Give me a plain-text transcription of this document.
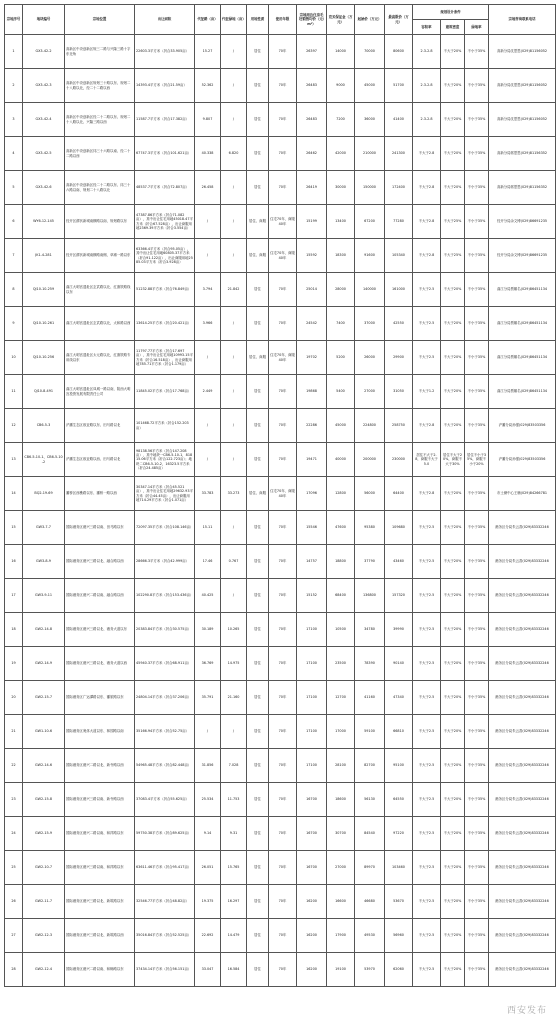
宗地序号	地块编号	宗地位置	出让面积	代征路（亩）	代征绿地（亩）	用地性质	使用年限	宗地周边住房毛坯销售均价（元/m²）	竞买保证金（万元）	起始价（万元）	最高限价（万元）	规划设计条件			宗地咨询联系电话
												容积率	建筑密度	绿地率	
1	GX3-42-2	高新区中央创新区规三二路与兴隆三路十字东北角	22603.3平方米（折合33.905亩）	15.27	/	居住	70年	26397	14000	70000	80600	2.3-2.8	不大于20%	不小于35%	高新分局沈思思(029)81156052
2	GX3-42-3	高新区中央创新区规划三十路以东、规划二十八路以北，经二十二路以西	14393.4平方米（折合21.59亩）	52.362	/	居住	70年	26483	9000	45000	51700	2.3-2.8	不大于20%	不小于35%	高新分局沈思思(029)81156052
3	GX3-42-4	高新区中央创新区经二十二路以东、规划二十八路以北、兴隆三路以西	11587.7平方米（折合17.382亩）	9.807	/	居住	70年	26483	7200	36000	41400	2.3-2.8	不大于20%	不小于35%	高新分局沈思思(029)81156052
4	GX3-42-5	高新区中央创新区纬三十六路以南、经二十二路以西	67747.3平方米（折合101.621亩）	40.338	6.820	居住	70年	26462	42000	210000	241300	不大于2.8	不大于20%	不小于35%	高新分局郭思思(029)81156352
5	GX3-42-6	高新区中央创新区经二十二路以东、纬三十六路以南、规划二十八路以北	48537.7平方米（折合72.807亩）	26.458	/	居住	70年	26419	30000	150000	172400	不大于2.8	不大于20%	不小于35%	高新分局郭思思(029)81156352
6	WY6-12-145	经开区渭状新城南横路以南、规划路以东	47387.86平方米（折合71.082亩），其中出让住宅用地45018.47平方米（折合67.528亩），出让商服用地2369.39平方米（折合3.554亩）	/	/	居住、商服	住宅70年、商服40年	15199	13400	67200	77280	不大于2.8	不大于25%	不小于35%	经开分局余文博(029)86691235
7	JK1-4-281	经开区渭状新城南横路南侧、草滩一路以东	63366.4平方米（折合95.05亩），其中出让住宅用地60805.37平方米（折合91.122亩），出让商服用地2585.03平方米（折合3.928亩）	/	/	居住、商服	住宅70年、商服40年	15592	18300	91600	105340	不大于2.8	不大于25%	不小于35%	经开分局余文博(029)86691235
8	QJ10-10-259	曲江大明宫遗址区玄武路以北、红旗铁路线以东	51232.88平方米（折合76.849亩）	3.794	21.842	居住	70年	25014	28000	140000	161000	不大于2.5	不大于20%	不小于35%	曲江分局贾娜名(029)86451134
9	QJ10-10-261	曲江大明宫遗址区玄武路以北，太和路以西	13614.25平方米（折合20.421亩）	3.966	/	居住	70年	24542	7400	37000	42550	不大于2.5	不大于20%	不小于35%	曲江分局贾娜名(029)86451134
10	QJ10-10-256	曲江大明宫遗址区太元路以北，红旗铁路专用线以东	11797.77平方米（折合17.697亩），其中出让住宅用地10993.15平方米（折合16.518亩），出让商服用地785.71平方米（折合1.179亩）	/	/	居住、商服	住宅70年、商服40年	19702	5200	26000	29900	不大于2.5	不大于20%	不小于35%	曲江分局贾娜名(029)86451134
11	QJ10-8-491	曲江大明宫遗址区凤城一路以南，陕西大明宫投资发展有限责任公司	11845.02平方米（折合17.768亩）	2.449	/	居住	70年	19868	5400	27000	31050	不大于1.2	不大于20%	不小于35%	曲江分局贾娜名(029)86451134
12	CB6-5-3	浐灞生态区欧亚路以东、田马路以北	101468.72平方米（折合152.203亩）	/	/	居住	70年	22286	45000	224800	258750	不大于2.8	不大于20%	不小于35%	浐灞分局孙强(029)83503356
13	CB6-5-10-1、CB6-5-10-2	浐灞生态区欧亚路以西、田马路以北	98138.56平方米（折合147.208亩），其中地块一CB6-5-10-1，81815.06平方米（折合122.723亩）；地块二CB6-5-10-2，16323.5平方米（折合24.485亩）	/	/	居住	70年	19471	40000	200000	230000	居住不大于2.8，商服不大于5.0	居住不大于20%，商服不大于30%	居住不小于35%，商服不小于20%	浐灞分局孙强(029)83503356
14	BQ2-19-69	灞桥区西樵路以东、灞桥一路以西	30347.14平方米（折合45.521亩），其中出让住宅用地29632.93平方米（折合44.45亩），出让商服用地714.29平方米（折合1.071亩）	33.783	33.273	居住、商服	住宅70年、商服40年	17096	12800	56000	64400	不大于2.8	不大于20%	不小于35%	市土储中心王楠(029)84266781
15	GW3-7-7	国际港务区港兴三路以南、田马路以东	72097.35平方米（折合108.146亩）	15.11	/	居住	70年	15546	47600	95380	109680	不大于2.5	不大于20%	不小于35%	港务区分局朱云香(029)83332246
16	GW3-8-9	国际港务区港兴三路以北、融合路以西	28666.3平方米（折合42.999亩）	17.46	0.767	居住	70年	14757	18800	37790	43460	不大于2.5	不大于20%	不小于35%	港务区分局朱云香(029)83332246
17	GW3-9-11	国际港务区港兴二路以南、融合路以西	102290.8平方米（折合153.436亩）	40.425	/	居住	70年	15152	68400	136800	157320	不大于2.5	不大于20%	不小于35%	港务区分局朱云香(029)83332246
18	GW2-14-8	国际港务区港兴三路以北、港务大道以东	20383.84平方米（折合30.575亩）	30.189	10.265	居住	70年	17100	10500	34780	39990	不大于2.5	不大于20%	不小于35%	港务区分局朱云香(029)83332246
19	GW2-14-9	国际港务区港兴三路以北、港务大道以西	45940.37平方米（折合68.911亩）	36.769	14.975	居住	70年	17100	23500	78390	90140	不大于2.5	不大于20%	不小于35%	港务区分局朱云香(029)83332246
20	GW2-15-7	国际港务区广运潭路以东、灞旅路以东	24804.14平方米（折合37.206亩）	35.791	21.160	居住	70年	17100	12700	41160	47340	不大于2.5	不大于20%	不小于35%	港务区分局朱云香(029)83332246
21	GW1-10-6	国际港务区奥体大道以东、林园路以南	35166.94平方米（折合52.75亩）	/	/	居住	70年	17100	17000	59100	66810	不大于2.5	不大于20%	不小于35%	港务区分局朱云香(029)83332246
22	GW2-14-6	国际港务区港兴二路以北、新寺路以西	54965.48平方米（折合82.448亩）	31.856	7.028	居住	70年	17100	28100	82700	95100	不大于2.5	不大于20%	不小于35%	港务区分局朱云香(029)83332246
23	GW2-15-8	国际港务区港兴三路以南、新寺路以西	37083.4平方米（折合55.625亩）	25.534	11.753	居住	70年	16700	18600	56130	64550	不大于2.5	不大于20%	不小于35%	港务区分局朱云香(029)83332246
24	GW2-15-9	国际港务区港兴二路以南、和祥路以东	59750.38平方米（折合89.625亩）	9.14	9.31	居住	70年	16700	30700	84540	97220	不大于2.5	不大于20%	不小于35%	港务区分局朱云香(029)83332246
25	GW2-10-7	国际港务区港兴三路以南、和祥路以东	63611.46平方米（折合95.417亩）	26.051	15.765	居住	70年	16700	27000	89970	103460	不大于2.5	不大于20%	不小于35%	港务区分局朱云香(029)83332246
26	GW2-11-7	国际港务区港兴三路以北、新筑路以东	32546.77平方米（折合48.82亩）	19.375	16.297	居住	70年	16200	16600	46680	53670	不大于2.5	不大于20%	不小于35%	港务区分局朱云香(029)83332246
27	GW2-12-3	国际港务区港兴三路以北、新筑路以西	35016.84平方米（折合52.525亩）	22.692	14.479	居住	70年	16200	17900	49530	56960	不大于2.5	不大于20%	不小于35%	港务区分局朱云香(029)83332246
28	GW2-12-4	国际港务区港兴二路以南、和畅路以东	37434.14平方米（折合56.151亩）	33.047	16.584	居住	70年	16200	19100	53970	62060	不大于2.5	不大于20%	不小于35%	港务区分局朱云香(029)83332246
西安发布
